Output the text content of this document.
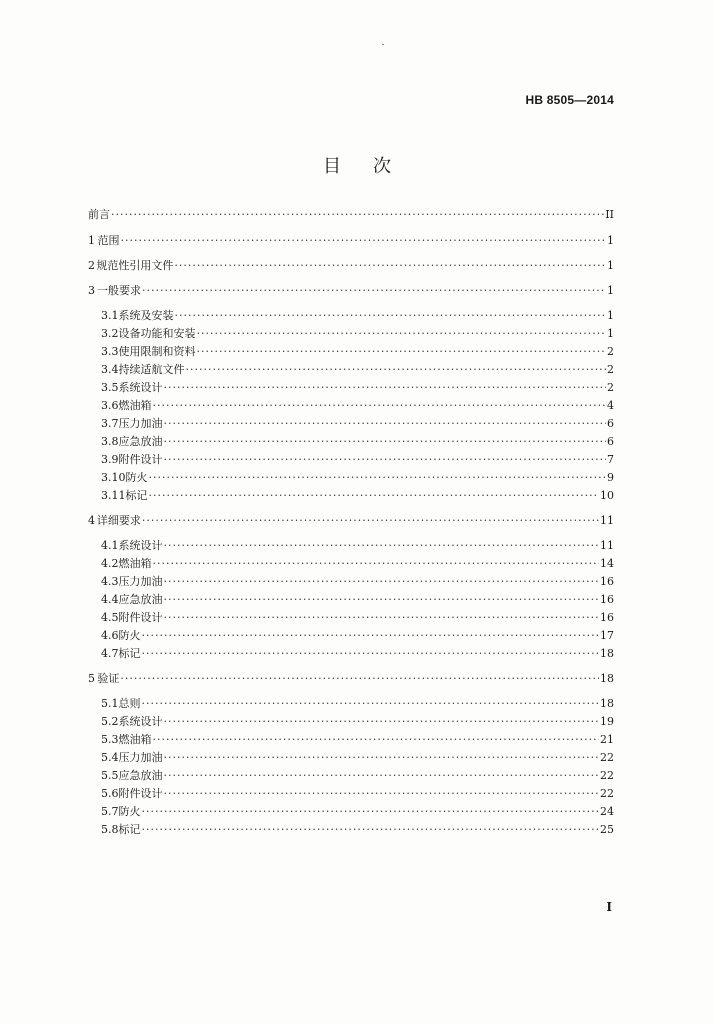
HB 8505—2014
目次
前言 ·····	II
1 范围 ·····	1
2 规范性引用文件 ·····	1
3 一般要求 ·····	1
3.1 系统及安装 ·····	1
3.2 设备功能和安装 ·····	1
3.3 使用限制和资料 ·····	2
3.4 持续适航文件 ·····	2
3.5 系统设计 ·····	2
3.6 燃油箱 ·····	4
3.7 压力加油 ·····	6
3.8 应急放油 ·····	6
3.9 附件设计 ·····	7
3.10 防火 ·····	9
3.11 标记 ·····	10
4 详细要求 ·····	11
4.1 系统设计 ·····	11
4.2 燃油箱 ·····	14
4.3 压力加油 ·····	16
4.4 应急放油 ·····	16
4.5 附件设计 ·····	16
4.6 防火 ·····	17
4.7 标记 ·····	18
5 验证 ·····	18
5.1 总则 ·····	18
5.2 系统设计 ·····	19
5.3 燃油箱 ·····	21
5.4 压力加油 ·····	22
5.5 应急放油 ·····	22
5.6 附件设计 ·····	22
5.7 防火 ·····	24
5.8 标记 ·····	25
I
